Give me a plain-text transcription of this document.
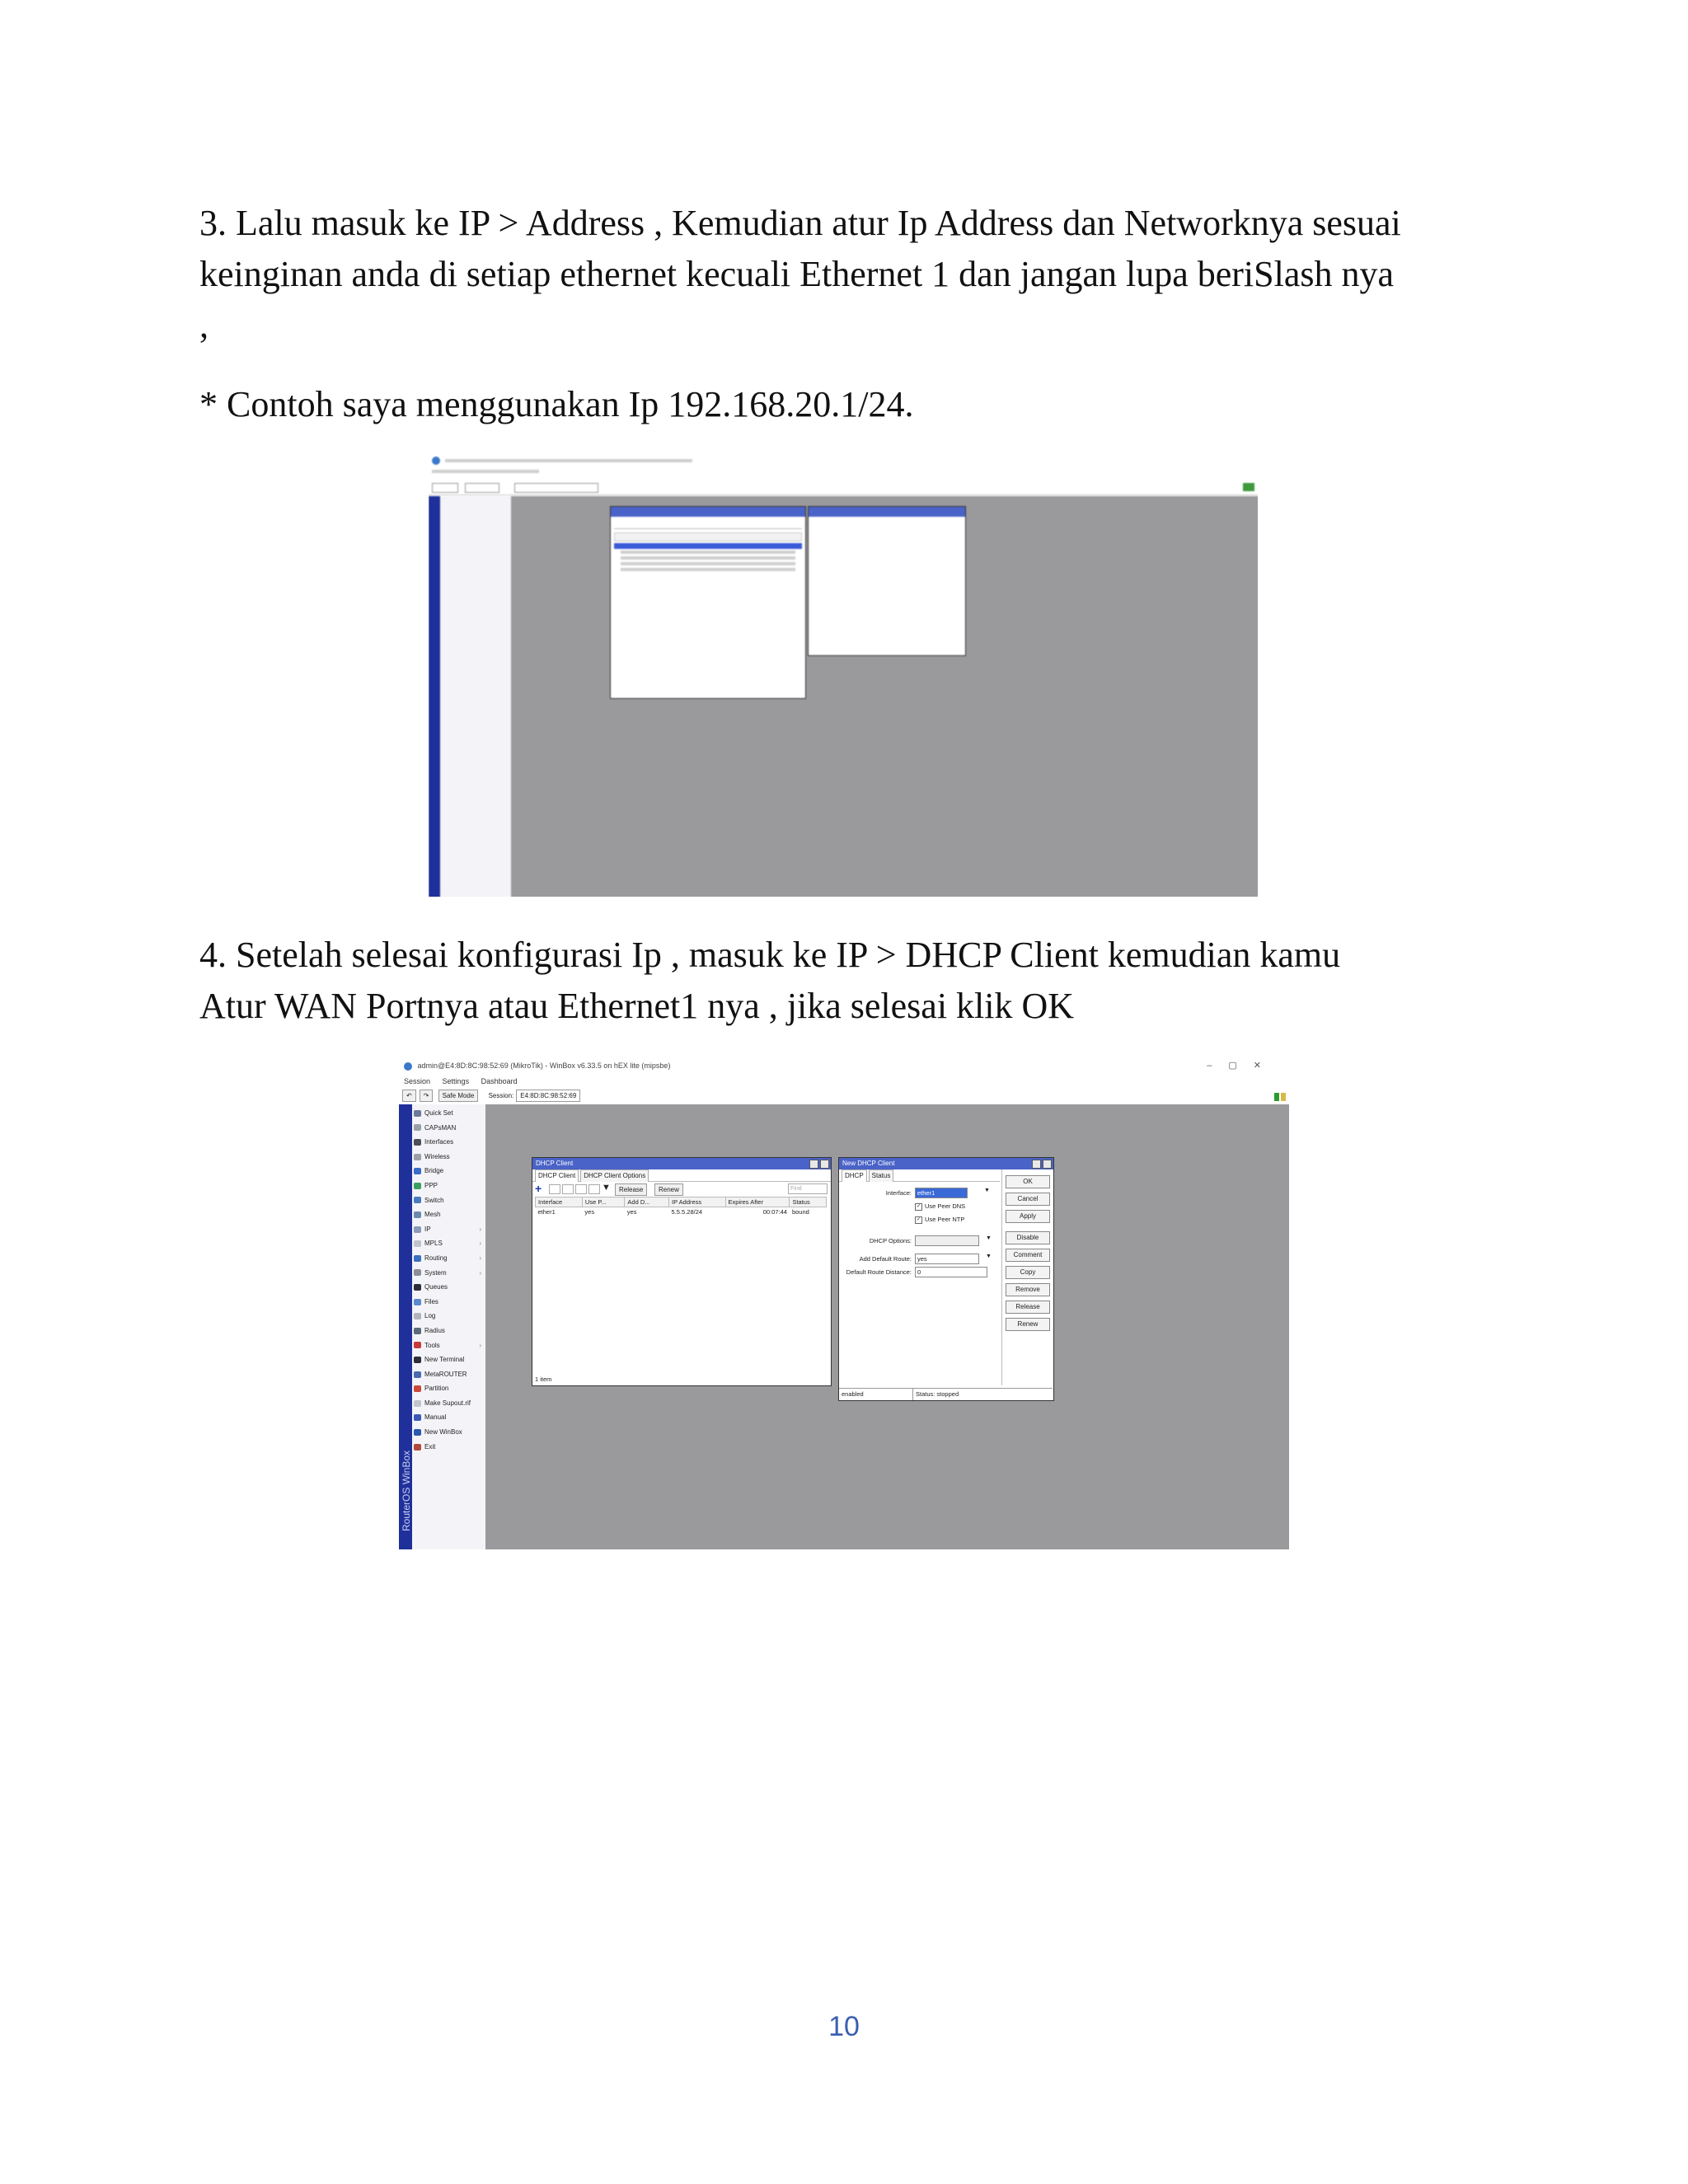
3. Lalu masuk ke IP > Address , Kemudian atur Ip Address dan Networknya sesuai
keinginan anda di setiap ethernet kecuali Ethernet 1 dan jangan lupa beriSlash nya
,

* Contoh saya menggunakan Ip 192.168.20.1/24.

4. Setelah selesai konfigurasi Ip , masuk ke IP > DHCP Client kemudian kamu
Atur WAN Portnya atau Ethernet1 nya , jika selesai klik OK

admin@E4:8D:8C:98:52:69 (MikroTik) - WinBox v6.33.5 on hEX lite (mipsbe)	–▢✕
Session Settings Dashboard
↶ ↷ Safe Mode Session: E4:8D:8C:98:52:69
RouterOS WinBox
Quick Set
CAPsMAN
Interfaces
Wireless
Bridge
PPP
Switch
Mesh
IP	›
MPLS	›
Routing	›
System	›
Queues
Files
Log
Radius
Tools	›
New Terminal
MetaROUTER
Partition
Make Supout.rif
Manual
New WinBox
Exit
DHCP Client
DHCP Client DHCP Client Options
+	▼	Release	Renew	Find
Interface	Use P...	Add D...	IP Address	Expires After	Status
ether1	yes	yes	5.5.5.28/24	00:07:44	bound
1 item
New DHCP Client
DHCP Status
Interface: ether1	▼
✓ Use Peer DNS
✓ Use Peer NTP
DHCP Options:	▼
Add Default Route: yes	▼
Default Route Distance: 0
OK
Cancel
Apply
Disable
Comment
Copy
Remove
Release
Renew
enabled	Status: stopped
10
